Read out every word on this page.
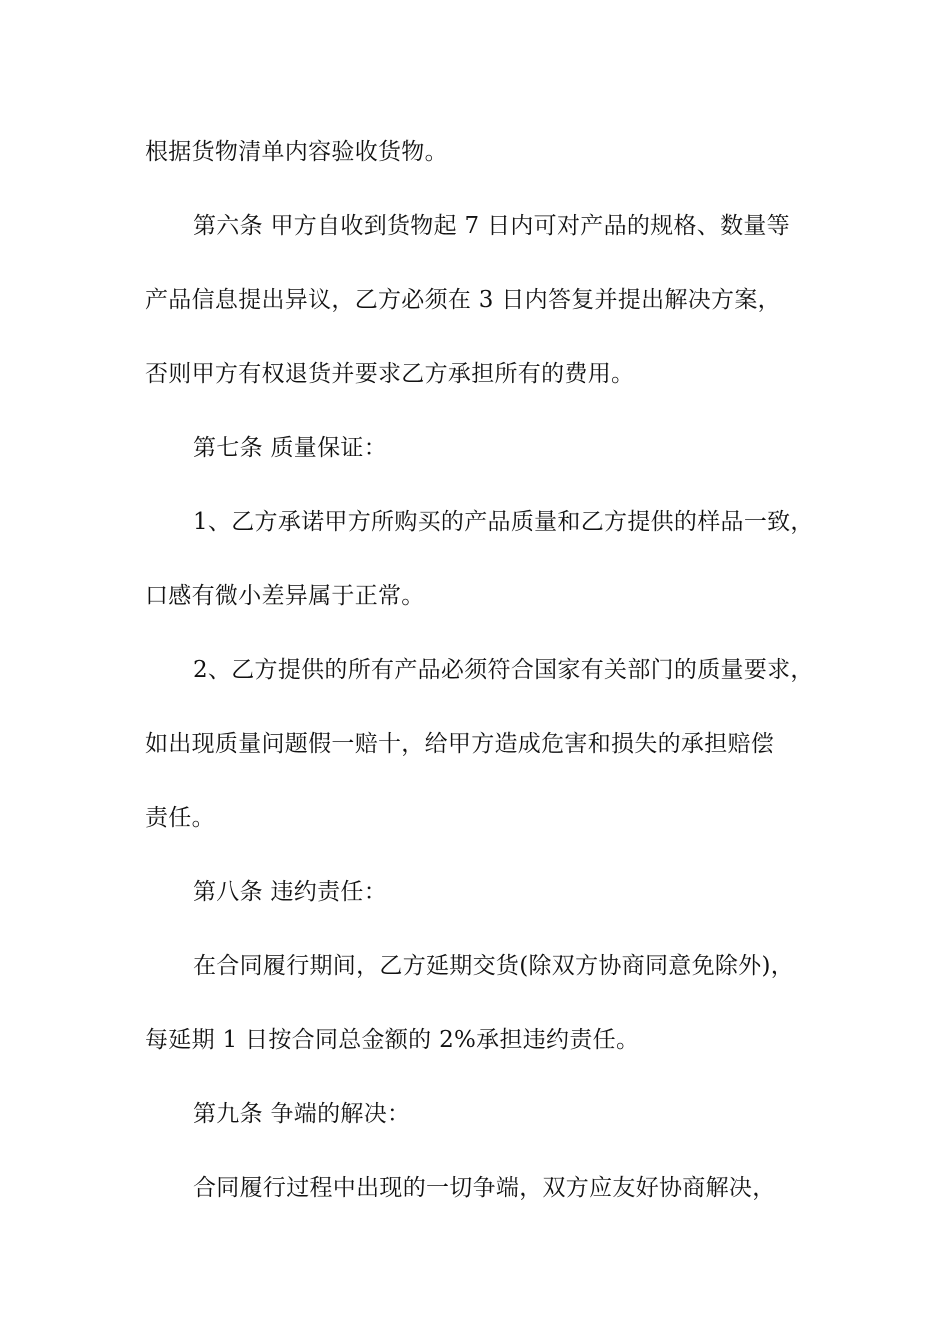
根据货物清单内容验收货物。
第六条 甲方自收到货物起 7 日内可对产品的规格、数量等
产品信息提出异议，乙方必须在 3 日内答复并提出解决方案，
否则甲方有权退货并要求乙方承担所有的费用。
第七条 质量保证：
1、乙方承诺甲方所购买的产品质量和乙方提供的样品一致，
口感有微小差异属于正常。
2、乙方提供的所有产品必须符合国家有关部门的质量要求，
如出现质量问题假一赔十，给甲方造成危害和损失的承担赔偿
责任。
第八条 违约责任：
在合同履行期间，乙方延期交货(除双方协商同意免除外)，
每延期 1 日按合同总金额的 2%承担违约责任。
第九条 争端的解决：
合同履行过程中出现的一切争端，双方应友好协商解决，
